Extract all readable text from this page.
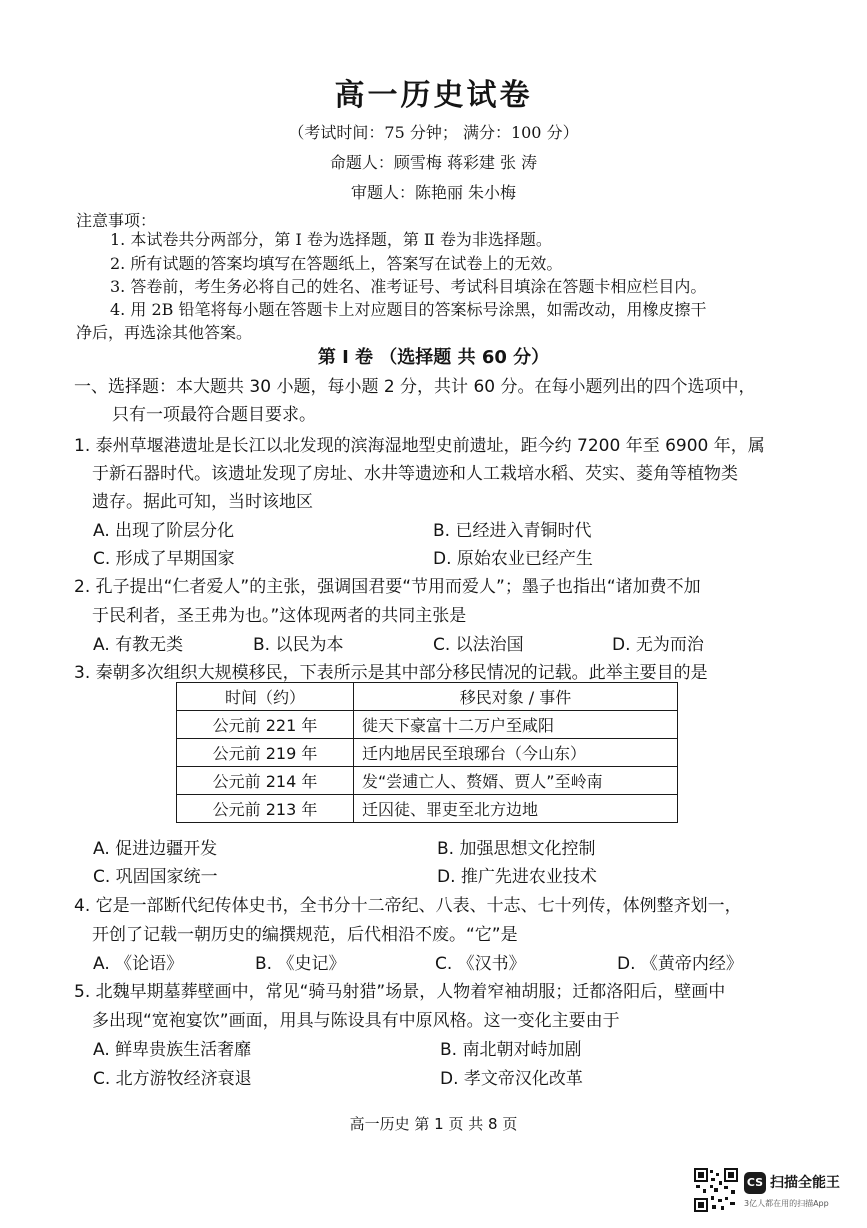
高一历史试卷
（考试时间：75 分钟； 满分：100 分）
命题人：顾雪梅 蒋彩建 张 涛
审题人：陈艳丽 朱小梅
注意事项：
1. 本试卷共分两部分，第 Ⅰ 卷为选择题，第 Ⅱ 卷为非选择题。
2. 所有试题的答案均填写在答题纸上，答案写在试卷上的无效。
3. 答卷前，考生务必将自己的姓名、准考证号、考试科目填涂在答题卡相应栏目内。
4. 用 2B 铅笔将每小题在答题卡上对应题目的答案标号涂黑，如需改动，用橡皮擦干
净后，再选涂其他答案。
第 Ⅰ 卷 （选择题 共 60 分）
一、选择题：本大题共 30 小题，每小题 2 分，共计 60 分。在每小题列出的四个选项中，
只有一项最符合题目要求。
1. 泰州草堰港遗址是长江以北发现的滨海湿地型史前遗址，距今约 7200 年至 6900 年，属
于新石器时代。该遗址发现了房址、水井等遗迹和人工栽培水稻、芡实、菱角等植物类
遗存。据此可知，当时该地区
A. 出现了阶层分化	B. 已经进入青铜时代
C. 形成了早期国家	D. 原始农业已经产生
2. 孔子提出“仁者爱人”的主张，强调国君要“节用而爱人”；墨子也指出“诸加费不加
于民利者，圣王弗为也。”这体现两者的共同主张是
A. 有教无类	B. 以民为本	C. 以法治国	D. 无为而治
3. 秦朝多次组织大规模移民，下表所示是其中部分移民情况的记载。此举主要目的是
时间（约）	移民对象 / 事件
公元前 221 年	徙天下豪富十二万户至咸阳
公元前 219 年	迁内地居民至琅琊台（今山东）
公元前 214 年	发“尝逋亡人、赘婿、贾人”至岭南
公元前 213 年	迁囚徒、罪吏至北方边地
A. 促进边疆开发	B. 加强思想文化控制
C. 巩固国家统一	D. 推广先进农业技术
4. 它是一部断代纪传体史书，全书分十二帝纪、八表、十志、七十列传，体例整齐划一，
开创了记载一朝历史的编撰规范，后代相沿不废。“它”是
A. 《论语》	B. 《史记》	C. 《汉书》	D. 《黄帝内经》
5. 北魏早期墓葬壁画中，常见“骑马射猎”场景，人物着窄袖胡服；迁都洛阳后，壁画中
多出现“宽袍宴饮”画面，用具与陈设具有中原风格。这一变化主要由于
A. 鲜卑贵族生活奢靡	B. 南北朝对峙加剧
C. 北方游牧经济衰退	D. 孝文帝汉化改革
高一历史 第 1 页 共 8 页
CS 扫描全能王
3亿人都在用的扫描App
